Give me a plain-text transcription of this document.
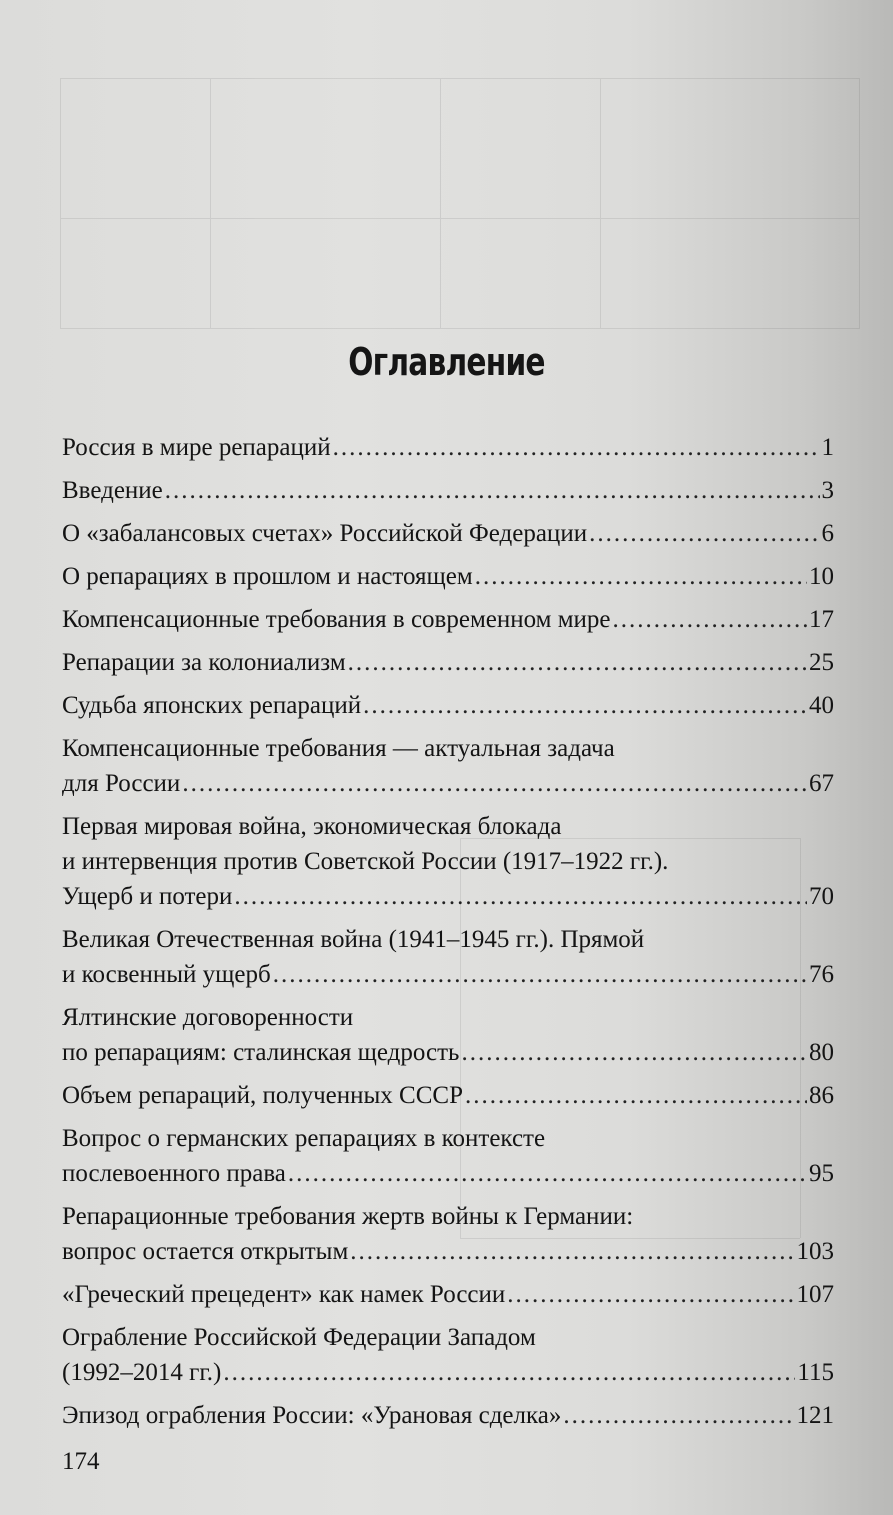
Оглавление
Россия в мире репараций .....	1
Введение .....	3
О «забалансовых счетах» Российской Федерации .....	6
О репарациях в прошлом и настоящем .....	10
Компенсационные требования в современном мире .....	17
Репарации за колониализм .....	25
Судьба японских репараций .....	40
Компенсационные требования — актуальная задача
для России .....	67
Первая мировая война, экономическая блокада
и интервенция против Советской России (1917–1922 гг.).
Ущерб и потери .....	70
Великая Отечественная война (1941–1945 гг.). Прямой
и косвенный ущерб .....	76
Ялтинские договоренности
по репарациям: сталинская щедрость .....	80
Объем репараций, полученных СССР .....	86
Вопрос о германских репарациях в контексте
послевоенного права .....	95
Репарационные требования жертв войны к Германии:
вопрос остается открытым .....	103
«Греческий прецедент» как намек России .....	107
Ограбление Российской Федерации Западом
(1992–2014 гг.) .....	115
Эпизод ограбления России: «Урановая сделка» .....	121
174
